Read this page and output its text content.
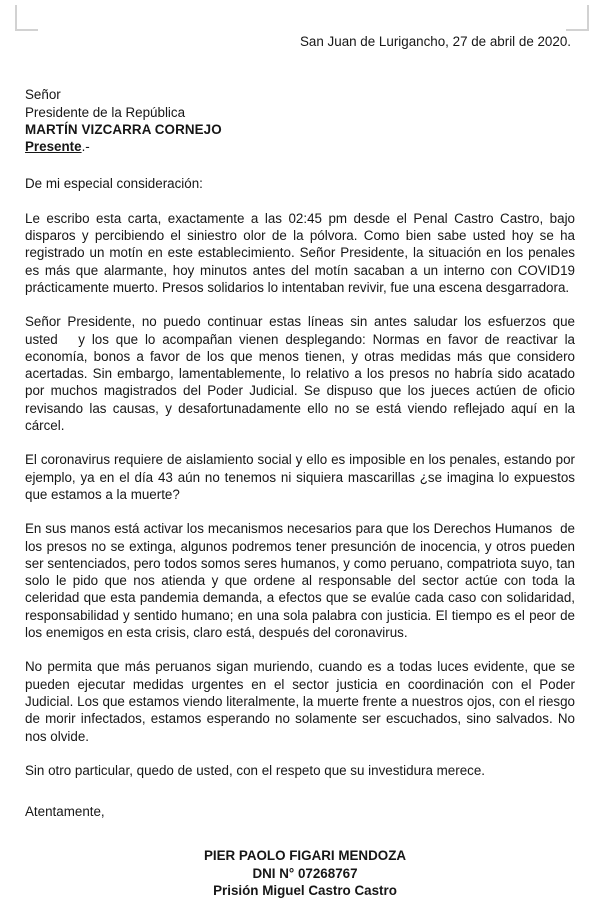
San Juan de Lurigancho, 27 de abril de 2020.
Señor
Presidente de la República
MARTÍN VIZCARRA CORNEJO
Presente.-
De mi especial consideración:
Le escribo esta carta, exactamente a las 02:45 pm desde el Penal Castro Castro, bajo disparos y percibiendo el siniestro olor de la pólvora. Como bien sabe usted hoy se ha registrado un motín en este establecimiento. Señor Presidente, la situación en los penales es más que alarmante, hoy minutos antes del motín sacaban a un interno con COVID19 prácticamente muerto. Presos solidarios lo intentaban revivir, fue una escena desgarradora.
Señor Presidente, no puedo continuar estas líneas sin antes saludar los esfuerzos que usted   y los que lo acompañan vienen desplegando: Normas en favor de reactivar la economía, bonos a favor de los que menos tienen, y otras medidas más que considero acertadas. Sin embargo, lamentablemente, lo relativo a los presos no habría sido acatado por muchos magistrados del Poder Judicial. Se dispuso que los jueces actúen de oficio revisando las causas, y desafortunadamente ello no se está viendo reflejado aquí en la cárcel.
El coronavirus requiere de aislamiento social y ello es imposible en los penales, estando por ejemplo, ya en el día 43 aún no tenemos ni siquiera mascarillas ¿se imagina lo expuestos que estamos a la muerte?
En sus manos está activar los mecanismos necesarios para que los Derechos Humanos  de los presos no se extinga, algunos podremos tener presunción de inocencia, y otros pueden ser sentenciados, pero todos somos seres humanos, y como peruano, compatriota suyo, tan solo le pido que nos atienda y que ordene al responsable del sector actúe con toda la celeridad que esta pandemia demanda, a efectos que se evalúe cada caso con solidaridad, responsabilidad y sentido humano; en una sola palabra con justicia. El tiempo es el peor de los enemigos en esta crisis, claro está, después del coronavirus.
No permita que más peruanos sigan muriendo, cuando es a todas luces evidente, que se pueden ejecutar medidas urgentes en el sector justicia en coordinación con el Poder Judicial. Los que estamos viendo literalmente, la muerte frente a nuestros ojos, con el riesgo de morir infectados, estamos esperando no solamente ser escuchados, sino salvados. No nos olvide.
Sin otro particular, quedo de usted, con el respeto que su investidura merece.
Atentamente,
PIER PAOLO FIGARI MENDOZA
DNI N° 07268767
Prisión Miguel Castro Castro
